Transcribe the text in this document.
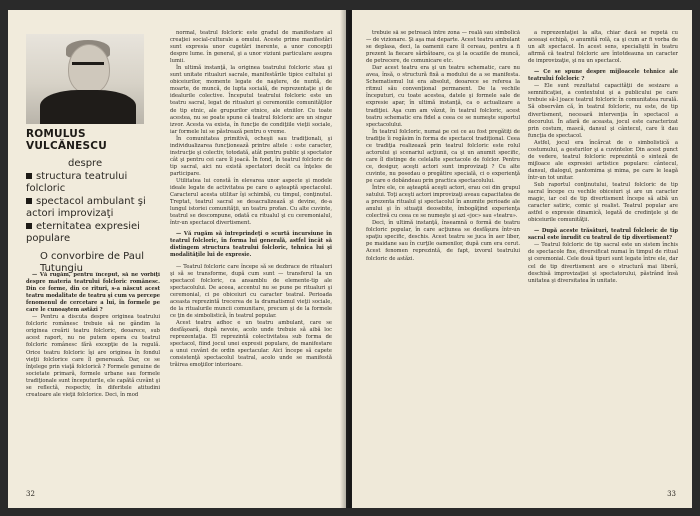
ROMULUS VULCĂNESCU
despre
structura teatrului folcloric
spectacol ambulant şi actori improvizaţi
eternitatea expresiei populare
O convorbire de Paul Tutungiu

— Vă rugăm, pentru început, să ne vorbiţi despre materia teatrului folcloric românesc. Din ce forme, din ce rituri, s-a născut acest teatru modalitate de teatru şi cum va percepe fenomenul de cercetare a lui, în formele pe care le cunoaştem astăzi ?

— Pentru a discuta despre originea teatrului folcloric românesc trebuie să ne gândim la originea creării teatru folcloric, deoarece, sub acest raport, nu ne putem opera cu teatrul folcloric românesc fără excepţie de la regulă. Orice teatru folcloric îşi are originea în fondul vieţii folclorice care îl generează. Dar, ce se înţelege prin viaţă folclorică ? Formele genuine de societate primară, formele urbane sau formele tradiţionale sunt începuturile, ele capătă cuvânt şi se reflectă, respectiv, în diferitele atitudini creatoare ale vieţii folclorice. Deci, în mod

normal, teatrul folcloric este gradul de manifestare al creaţiei social-culturale a omului. Aceste prime manifestări sunt expresia unor cugetări inerente, a unor concepţii despre lume. în general, şi a unor viziuni particulare asupra lumii.

În ultimă instanţă, la originea teatrului folcloric stau şi sunt unitate ritualuri sacrale, manifestările tipice cultului şi obiceiurilor, momente legate de naştere, de nuntă, de moarte, de muncă, de lupta socială, de reprezentaţie şi de idealurile colective. Începutul teatrului folcloric este un teatru sacral, legat de ritualuri şi ceremoniile comunităţilor de tip etnic, ale grupurilor etnice, ale etniilor. Cu toate acestea, nu se poate spune că teatrul folcloric are un singur izvor. Acesta va exista, în funcţie de condiţiile vieţii sociale, iar formele lui se păstrează pentru o vreme.

În comunitatea primitivă, ocheşii sau tradiţionali, şi individualizarea funcţionează printre altele : este caracter, instrucţie şi colectiv, totodată, atât pentru public şi spectator cât şi pentru cei care îl joacă. În fond, în teatrul folcloric de tip sacral, aici nu există spectatori decât ca înţeles de participare.

Utilitatea lui constă în elevarea unor aspecte şi modele ideale legate de activitatea pe care o aşteaptă spectacolul. Caracterul acesta utilitar îşi schimbă, cu timpul, conţinutul. Treptat, teatrul sacral se desacralizează şi devine, de-a lungul istoriei comunităţii, un teatru profan. Cu alte cuvinte, teatrul se descompune, odată cu ritualul şi cu ceremonialul, într-un spectacol divertisment.

— Vă rugăm să întreprindeţi o scurtă incursiune în teatrul folcloric, în forma lui generală, astfel încât să distingem structura teatrului folcloric, tehnica lui şi modalităţile lui de expresie.

— Teatrul folcloric care începe să se dezbrace de ritualuri şi să se transforme, după cum sunt — transferul la un spectacol folcloric, ca ansamblu de elemente-tip ale spectacolului. De aceea, accentul nu se pune pe ritualuri şi ceremonial, ci pe obiceiuri cu caracter teatral. Perioada aceasta reprezintă trecerea de la dramatismul vieţii sociale, de la ritualurile muncii comunitare, precum şi de la formele ce ţin de simbolistică, în teatrul popular.

Acest teatru adhoc e un teatru ambulant, care se desfăşoară, după nevoie, acolo unde trebuie să aibă loc reprezentaţia. El reprezintă colectivitatea sub forma de spectacol, fiind jocul unei expresii populare, de manifestare a unui cuvânt de ordin spectacular. Aici începe să capete consistenţă spectacolul teatral, acolo unde se manifestă trăirea emoţiilor interioare.

32

trebuie să se petreacă între zona — reală sau simbolică — de vizionare. Şi aşa mai departe. Acest teatru ambulant se deplasa, deci, la oamenii care îl cereau, pentru a fi prezent la fiecare sărbătoare, ca şi la ocaziile de muncă, de petrecere, de comunicare etc.

Dar acest teatru era şi un teatru schematic, care nu avea, însă, o structură fixă a modului de a se manifesta. Schematismul lui era absolut, deoarece se referea la ritmul său convenţional permanent. De la vechile începuturi, cu toate acestea, datele şi formele sale de expresie apar, în ultimă instanţă, ca o actualizare a tradiţiei. Aşa cum am văzut, în teatrul folcloric, acest teatru schematic era fidel a ceea ce se numeşte suportul spectacolului.

În teatrul folcloric, numai pe cei ce au fost pregătiţi de tradiţie îi regăsim în forma de spectacol tradiţional. Ceea ce tradiţia realizează prin teatrul folcloric este rolul actorului şi scenariul acţiunii, ca şi un anumit specific, care îl distinge de celelalte spectacole de folclor. Pentru ce, desigur, aceşti actori sunt improvizaţi ? Cu alte cuvinte, nu posedau o pregătire specială, ci o experienţă pe care o dobândeau prin practica spectacolului.

Între ele, ce aşteaptă aceşti actori, erau cei din grupul satului. Toţi aceşti actori improvizaţi aveau capacitatea de a prezenta ritualul şi spectacolul în anumite perioade ale anului şi în situaţii deosebite, îmbogăţind experienţa colectivă cu ceea ce se numeşte şi azi «joc» sau «teatru».

Deci, în ultimă instanţă, înseamnă o formă de teatru folcloric popular, în care acţiunea se desfăşura într-un spaţiu specific, deschis. Acest teatru se juca în aer liber, pe maidane sau în curţile oamenilor, după cum era cerut. Acest fenomen reprezintă, de fapt, izvorul teatrului folcloric de astăzi.

a reprezentaţiei la alta, chiar dacă se repetă cu aceeaşi echipă, o anumită rolă, ca şi cum ar fi vorba de un alt spectacol. În acest sens, specialiştii în teatru afirmă că teatrul folcloric are întotdeauna un caracter de improvizaţie, şi nu un spectacol.

— Ce se spune despre mijloacele tehnice ale teatrului folcloric ?

— Ele sunt rezultatul capacităţii de sesizare a semnificaţiei, a contextului şi a publicului pe care trebuie să-l joace teatrul folcloric în comunitatea rurală. Să observăm că, în teatrul folcloric, nu este, de tip divertisment, necesară intervenţia în spectacol a decorului. În afară de aceasta, jocul este caracterizat prin costum, mască, dansul şi cântecul, care îi dau funcţia de spectacol.

Astfel, jocul era încărcat de o simbolistică a costumului, a gesturilor şi a cuvintelor. Din acest punct de vedere, teatrul folcloric reprezintă o sinteză de mijloace ale expresiei artistice populare: cântecul, dansul, dialogul, pantomima şi mima, pe care le leagă într-un tot unitar.

Sub raportul conţinutului, teatrul folcloric de tip sacral începe cu vechile obiceiuri şi are un caracter magic, iar cel de tip divertisment începe să aibă un caracter satiric, comic şi realist. Teatrul popular are astfel o expresie dinamică, legată de credinţele şi de obiceiurile comunităţii.

— După aceste trăsături, teatrul folcloric de tip sacral este înrudit cu teatrul de tip divertisment?

— Teatrul folcloric de tip sacral este un sistem închis de spectacole fixe, diversificat numai în timpul de ritual şi ceremonial. Cele două tipuri sunt legate între ele, dar cel de tip divertisment are o structură mai liberă, deschisă improvizaţiei şi spectatorului, păstrând însă unitatea şi diversitatea în unitate.

33
